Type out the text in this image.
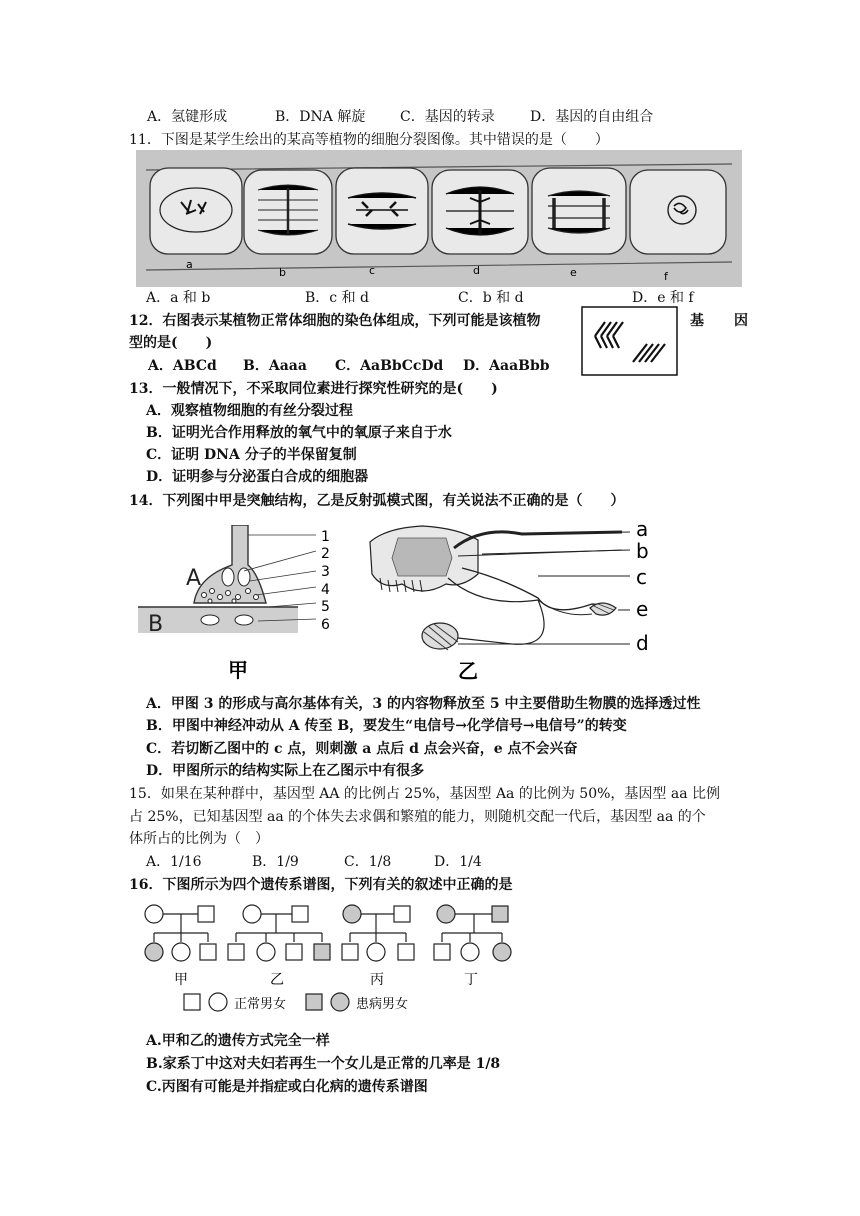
A．氢键形成	B．DNA 解旋 C．基因的转录	D．基因的自由组合
11．下图是某学生绘出的某高等植物的细胞分裂图像。其中错误的是（　　）
a
b	c	d	e	f
A．a 和 b	B．c 和 d	C．b 和 d	D．e 和 f
12．右图表示某植物正常体细胞的染色体组成，下列可能是该植物	基　因
型的是(　　)
A．ABCd B．Aaaa C．AaBbCcDd D．AaaBbb
13．一般情况下，不采取同位素进行探究性研究的是(　　)
A．观察植物细胞的有丝分裂过程
B．证明光合作用释放的氧气中的氧原子来自于水
C．证明 DNA 分子的半保留复制
D．证明参与分泌蛋白合成的细胞器
14．下列图中甲是突触结构，乙是反射弧模式图，有关说法不正确的是（　　）
A
B
1
2
3
4
5
6
甲
a
b
c
e
d
乙
A．甲图 3 的形成与高尔基体有关，3 的内容物释放至 5 中主要借助生物膜的选择透过性
B．甲图中神经冲动从 A 传至 B，要发生“电信号→化学信号→电信号”的转变
C．若切断乙图中的 c 点，则刺激 a 点后 d 点会兴奋，e 点不会兴奋
D．甲图所示的结构实际上在乙图示中有很多
15．如果在某种群中，基因型 AA 的比例占 25%，基因型 Aa 的比例为 50%，基因型 aa 比例
占 25%，已知基因型 aa 的个体失去求偶和繁殖的能力，则随机交配一代后，基因型 aa 的个
体所占的比例为（　）
A．1/16	B．1/9	C．1/8	D．1/4
16．下图所示为四个遗传系谱图，下列有关的叙述中正确的是
甲	乙	丙	丁
正常男女	患病男女
A.甲和乙的遗传方式完全一样
B.家系丁中这对夫妇若再生一个女儿是正常的几率是 1/8
C.丙图有可能是并指症或白化病的遗传系谱图
